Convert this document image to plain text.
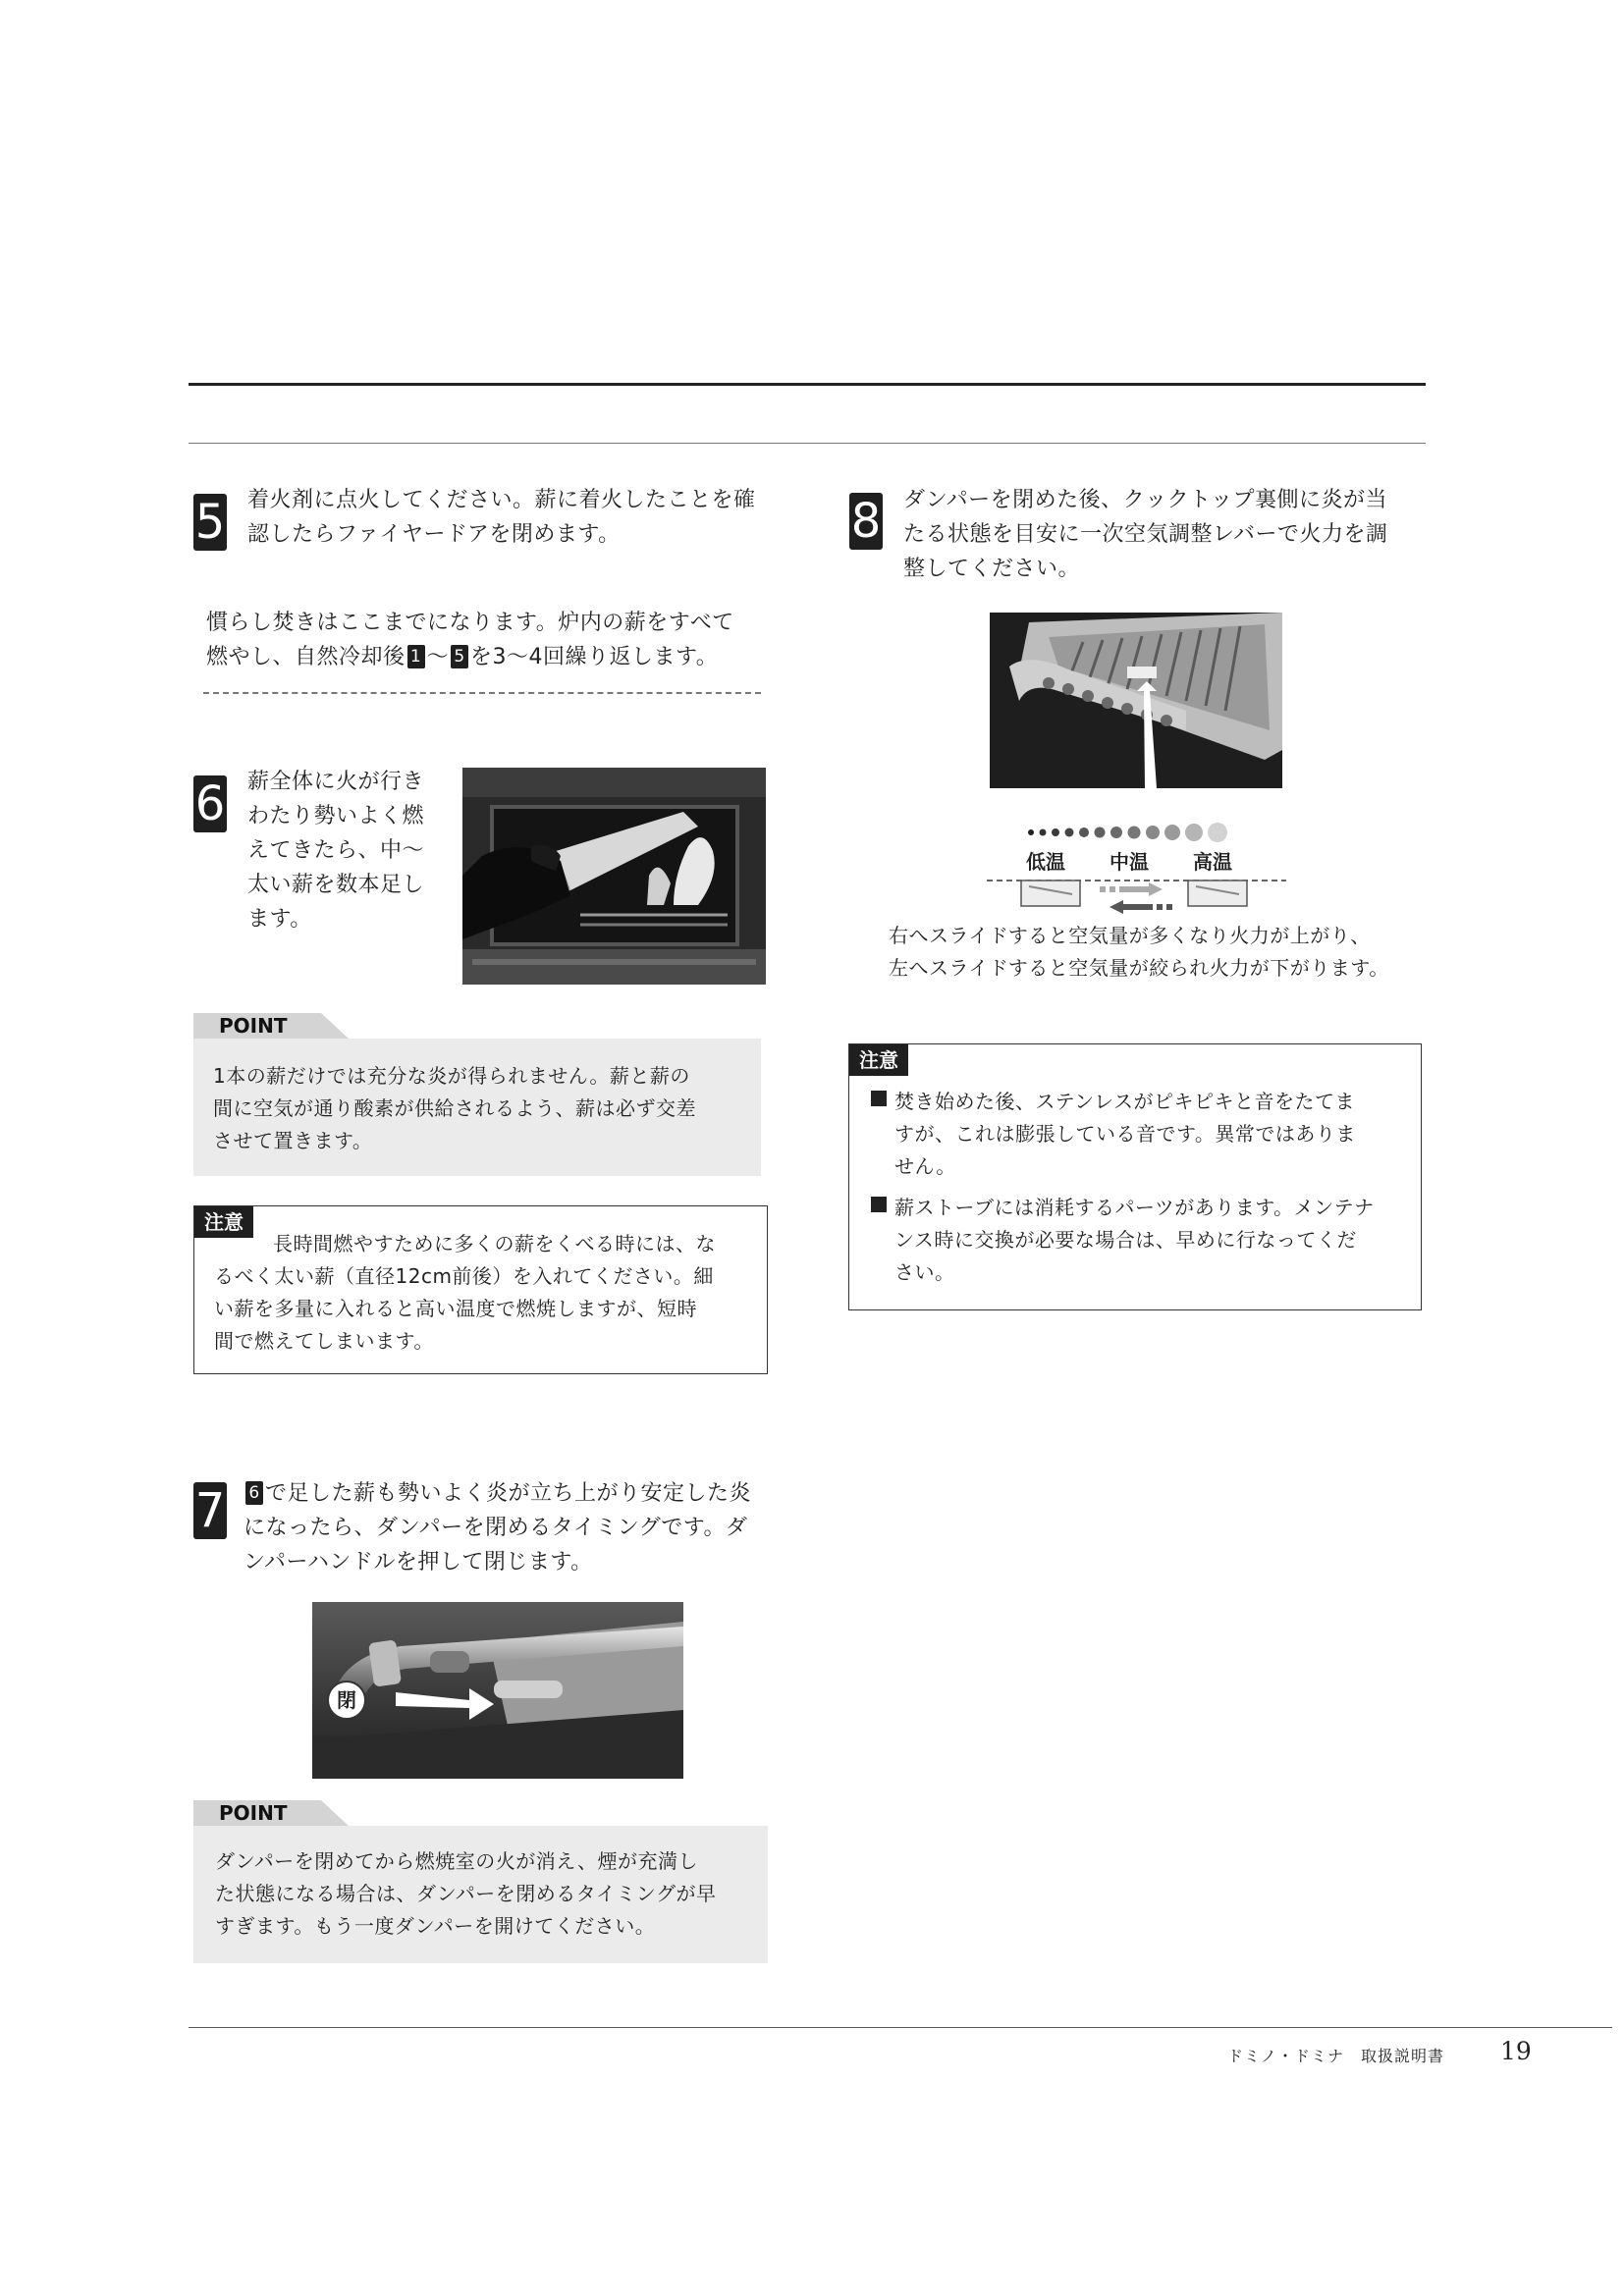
5 着火剤に点火してください。薪に着火したことを確
認したらファイヤードアを閉めます。
慣らし焚きはここまでになります。炉内の薪をすべて
燃やし、自然冷却後 1 〜 5 を3〜4回繰り返します。
6 薪全体に火が行き
わたり勢いよく燃
えてきたら、中〜
太い薪を数本足し
ます。
POINT
1本の薪だけでは充分な炎が得られません。薪と薪の
間に空気が通り酸素が供給されるよう、薪は必ず交差
させて置きます。
注意
長時間燃やすために多くの薪をくべる時には、な
るべく太い薪（直径12cm前後）を入れてください。細
い薪を多量に入れると高い温度で燃焼しますが、短時
間で燃えてしまいます。
7	6 で足した薪も勢いよく炎が立ち上がり安定した炎
になったら、ダンパーを閉めるタイミングです。ダ
ンパーハンドルを押して閉じます。
閉
POINT
ダンパーを閉めてから燃焼室の火が消え、煙が充満し
た状態になる場合は、ダンパーを閉めるタイミングが早
すぎます。もう一度ダンパーを開けてください。
8 ダンパーを閉めた後、クックトップ裏側に炎が当
たる状態を目安に一次空気調整レバーで火力を調
整してください。
低温 中温 高温
右へスライドすると空気量が多くなり火力が上がり、
左へスライドすると空気量が絞られ火力が下がります。
注意
焚き始めた後、ステンレスがピキピキと音をたてま
すが、これは膨張している音です。異常ではありま
せん。
薪ストーブには消耗するパーツがあります。メンテナ
ンス時に交換が必要な場合は、早めに行なってくだ
さい。
ドミノ・ドミナ　取扱説明書 19
